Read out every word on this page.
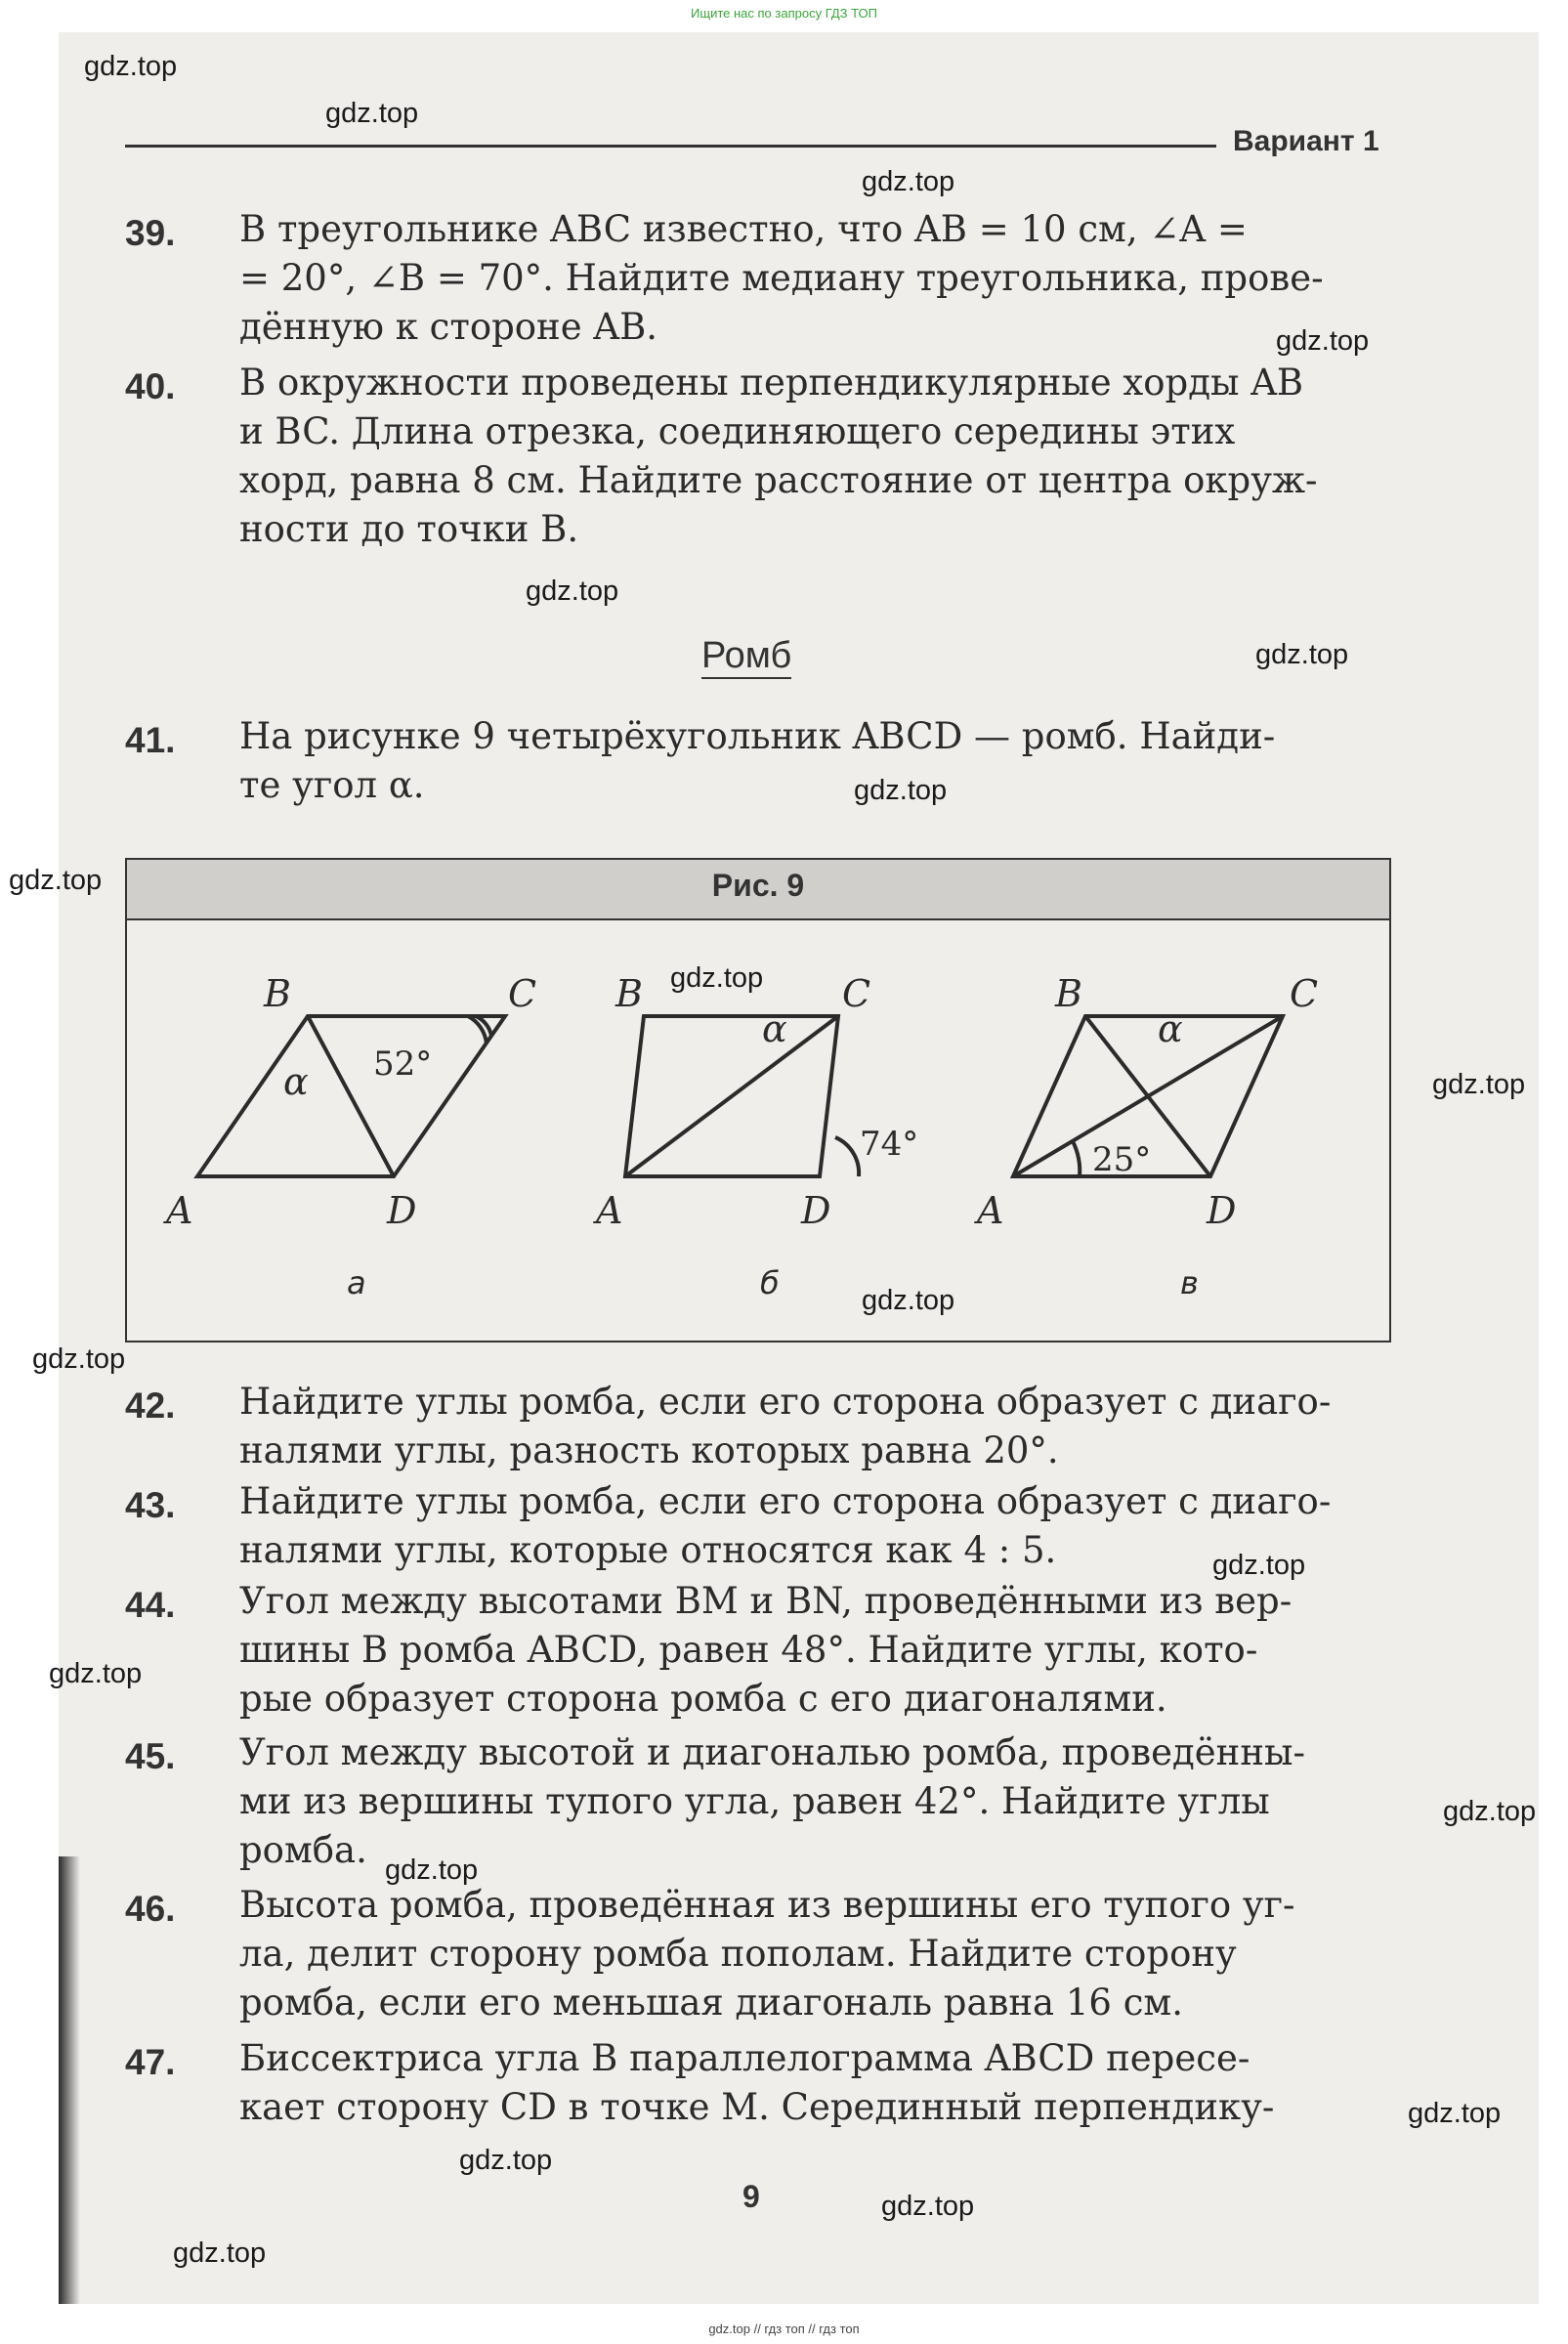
Ищите нас по запросу ГДЗ ТОП
gdz.top
gdz.top
gdz.top
gdz.top
gdz.top
gdz.top
gdz.top
gdz.top
gdz.top
gdz.top
gdz.top
gdz.top
gdz.top
gdz.top
gdz.top
gdz.top
gdz.top
gdz.top
gdz.top
gdz.top
Вариант 1
39. В треугольнике ABC известно, что AB = 10 см, ∠A =
= 20°, ∠B = 70°. Найдите медиану треугольника, прове-
дённую к стороне AB.
40. В окружности проведены перпендикулярные хорды AB
и BC. Длина отрезка, соединяющего середины этих
хорд, равна 8 см. Найдите расстояние от центра окруж-
ности до точки B.
Ромб
41. На рисунке 9 четырёхугольник ABCD — ромб. Найди-
те угол α.
Рис. 9
A
B	C
D
α
A
B	C
D
α
A
B	C
D
α
52°
74°	25°
а	б	в
42. Найдите углы ромба, если его сторона образует с диаго-
налями углы, разность которых равна 20°.
43. Найдите углы ромба, если его сторона образует с диаго-
налями углы, которые относятся как 4 : 5.
44. Угол между высотами BM и BN, проведёнными из вер-
шины B ромба ABCD, равен 48°. Найдите углы, кото-
рые образует сторона ромба с его диагоналями.
45. Угол между высотой и диагональю ромба, проведённы-
ми из вершины тупого угла, равен 42°. Найдите углы
ромба.
46. Высота ромба, проведённая из вершины его тупого уг-
ла, делит сторону ромба пополам. Найдите сторону
ромба, если его меньшая диагональ равна 16 см.
47. Биссектриса угла B параллелограмма ABCD пересе-
кает сторону CD в точке M. Серединный перпендику-
9
gdz.top // гдз топ // гдз топ
